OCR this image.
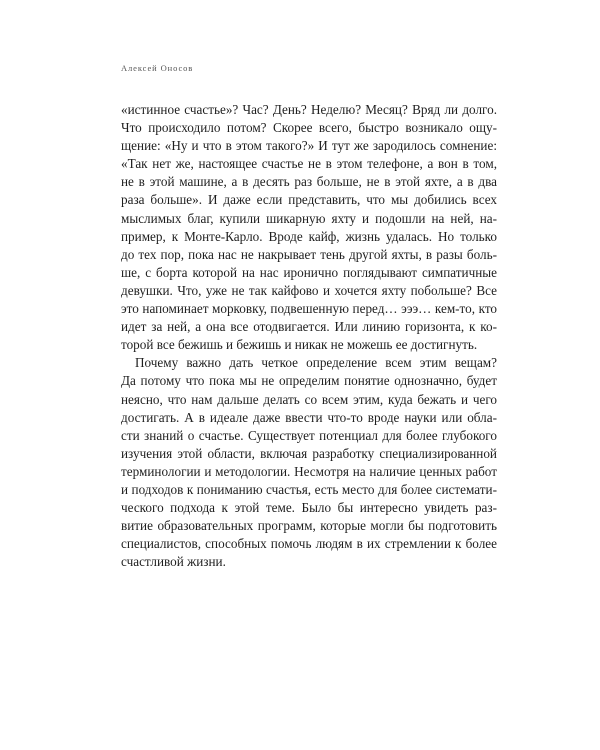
Алексей Оносов
«истинное счастье»? Час? День? Неделю? Месяц? Вряд ли долго.
Что происходило потом? Скорее всего, быстро возникало ощу-
щение: «Ну и что в этом такого?» И тут же зародилось сомнение:
«Так нет же, настоящее счастье не в этом телефоне, а вон в том,
не в этой машине, а в десять раз больше, не в этой яхте, а в два
раза больше». И даже если представить, что мы добились всех
мыслимых благ, купили шикарную яхту и подошли на ней, на-
пример, к Монте-Карло. Вроде кайф, жизнь удалась. Но только
до тех пор, пока нас не накрывает тень другой яхты, в разы боль-
ше, с борта которой на нас иронично поглядывают симпатичные
девушки. Что, уже не так кайфово и хочется яхту побольше? Все
это напоминает морковку, подвешенную перед… эээ… кем-то, кто
идет за ней, а она все отодвигается. Или линию горизонта, к ко-
торой все бежишь и бежишь и никак не можешь ее достигнуть.
Почему важно дать четкое определение всем этим вещам?
Да потому что пока мы не определим понятие однозначно, будет
неясно, что нам дальше делать со всем этим, куда бежать и чего
достигать. А в идеале даже ввести что-то вроде науки или обла-
сти знаний о счастье. Существует потенциал для более глубокого
изучения этой области, включая разработку специализированной
терминологии и методологии. Несмотря на наличие ценных работ
и подходов к пониманию счастья, есть место для более системати-
ческого подхода к этой теме. Было бы интересно увидеть раз-
витие образовательных программ, которые могли бы подготовить
специалистов, способных помочь людям в их стремлении к более
счастливой жизни.
